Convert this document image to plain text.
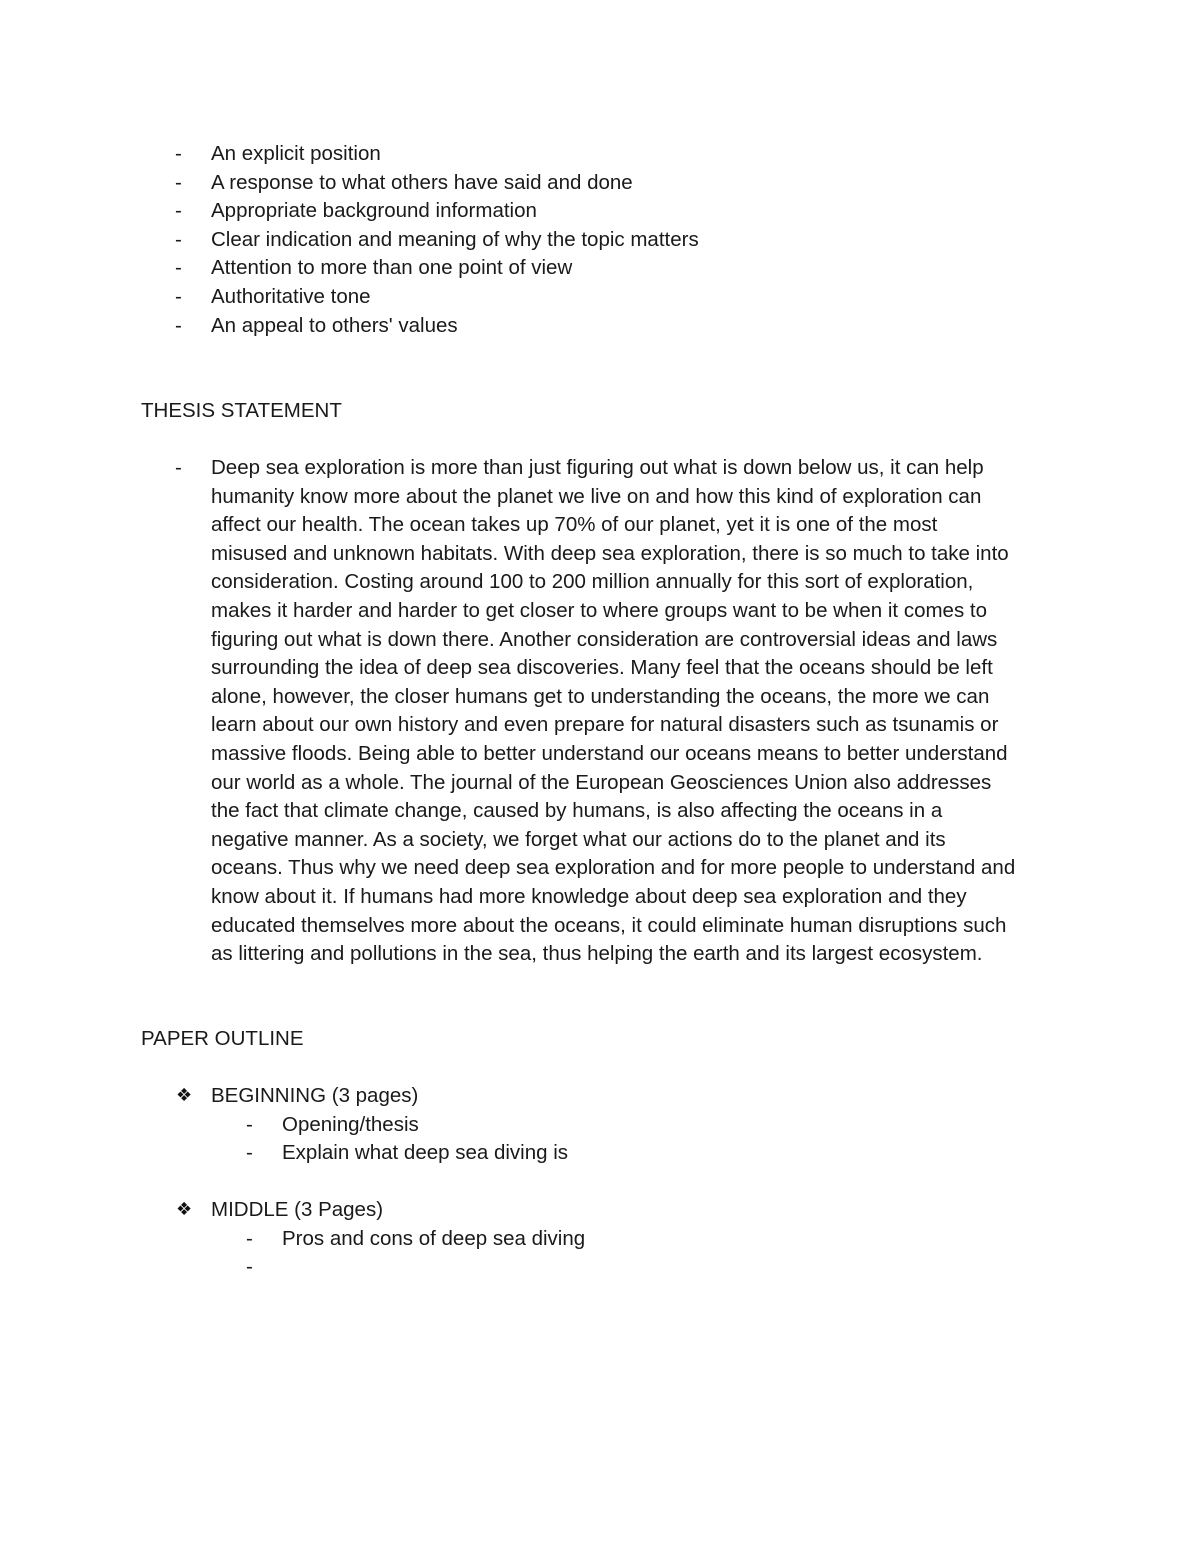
-	An explicit position
-	A response to what others have said and done
-	Appropriate background information
-	Clear indication and meaning of why the topic matters
-	Attention to more than one point of view
-	Authoritative tone
-	An appeal to others' values
THESIS STATEMENT
-	Deep sea exploration is more than just figuring out what is down below us, it can help
humanity know more about the planet we live on and how this kind of exploration can
affect our health. The ocean takes up 70% of our planet, yet it is one of the most
misused and unknown habitats. With deep sea exploration, there is so much to take into
consideration. Costing around 100 to 200 million annually for this sort of exploration,
makes it harder and harder to get closer to where groups want to be when it comes to
figuring out what is down there. Another consideration are controversial ideas and laws
surrounding the idea of deep sea discoveries. Many feel that the oceans should be left
alone, however, the closer humans get to understanding the oceans, the more we can
learn about our own history and even prepare for natural disasters such as tsunamis or
massive floods. Being able to better understand our oceans means to better understand
our world as a whole. The journal of the European Geosciences Union also addresses
the fact that climate change, caused by humans, is also affecting the oceans in a
negative manner. As a society, we forget what our actions do to the planet and its
oceans. Thus why we need deep sea exploration and for more people to understand and
know about it. If humans had more knowledge about deep sea exploration and they
educated themselves more about the oceans, it could eliminate human disruptions such
as littering and pollutions in the sea, thus helping the earth and its largest ecosystem.
PAPER OUTLINE
❖ BEGINNING (3 pages)
-	Opening/thesis
-	Explain what deep sea diving is
❖ MIDDLE (3 Pages)
-	Pros and cons of deep sea diving
-
